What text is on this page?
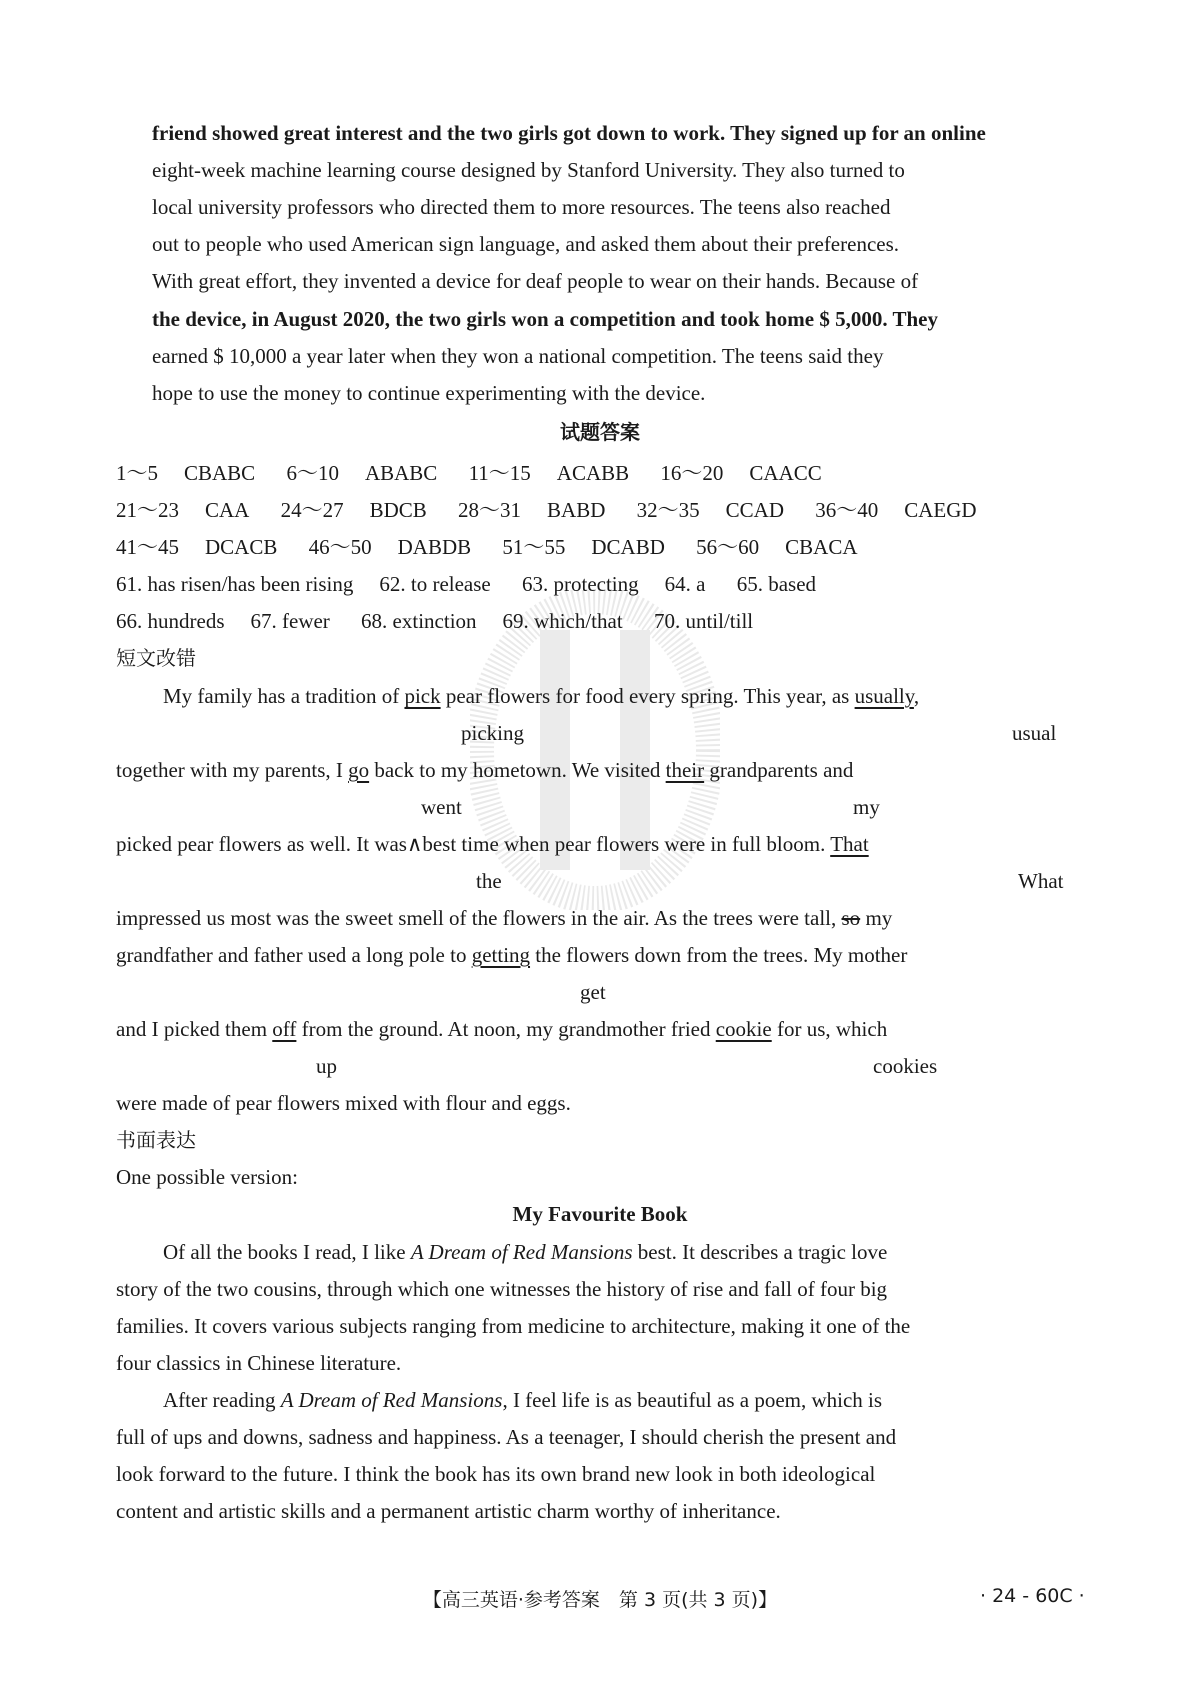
friend showed great interest and the two girls got down to work. They signed up for an online
eight-week machine learning course designed by Stanford University. They also turned to
local university professors who directed them to more resources. The teens also reached
out to people who used American sign language, and asked them about their preferences.
With great effort, they invented a device for deaf people to wear on their hands. Because of
the device, in August 2020, the two girls won a competition and took home $ 5,000. They
earned $ 10,000 a year later when they won a national competition. The teens said they
hope to use the money to continue experimenting with the device.
试题答案
1～5 CBABC 6～10 ABABC 11～15 ACABB 16～20 CAACC
21～23 CAA 24～27 BDCB 28～31 BABD 32～35 CCAD 36～40 CAEGD
41～45 DCACB 46～50 DABDB 51～55 DCABD 56～60 CBACA
61. has risen/has been rising 62. to release 63. protecting 64. a 65. based
66. hundreds 67. fewer 68. extinction 69. which/that 70. until/till
短文改错
My family has a tradition of pick pear flowers for food every spring. This year, as usually,
picking	usual
together with my parents, I go back to my hometown. We visited their grandparents and
went	my
picked pear flowers as well. It was∧best time when pear flowers were in full bloom. That
the	What
impressed us most was the sweet smell of the flowers in the air. As the trees were tall, so my
grandfather and father used a long pole to getting the flowers down from the trees. My mother
get
and I picked them off from the ground. At noon, my grandmother fried cookie for us, which
up	cookies
were made of pear flowers mixed with flour and eggs.
书面表达
One possible version:
My Favourite Book
Of all the books I read, I like A Dream of Red Mansions best. It describes a tragic love
story of the two cousins, through which one witnesses the history of rise and fall of four big
families. It covers various subjects ranging from medicine to architecture, making it one of the
four classics in Chinese literature.
After reading A Dream of Red Mansions, I feel life is as beautiful as a poem, which is
full of ups and downs, sadness and happiness. As a teenager, I should cherish the present and
look forward to the future. I think the book has its own brand new look in both ideological
content and artistic skills and a permanent artistic charm worthy of inheritance.
【高三英语·参考答案　第 3 页(共 3 页)】	· 24 - 60C ·
